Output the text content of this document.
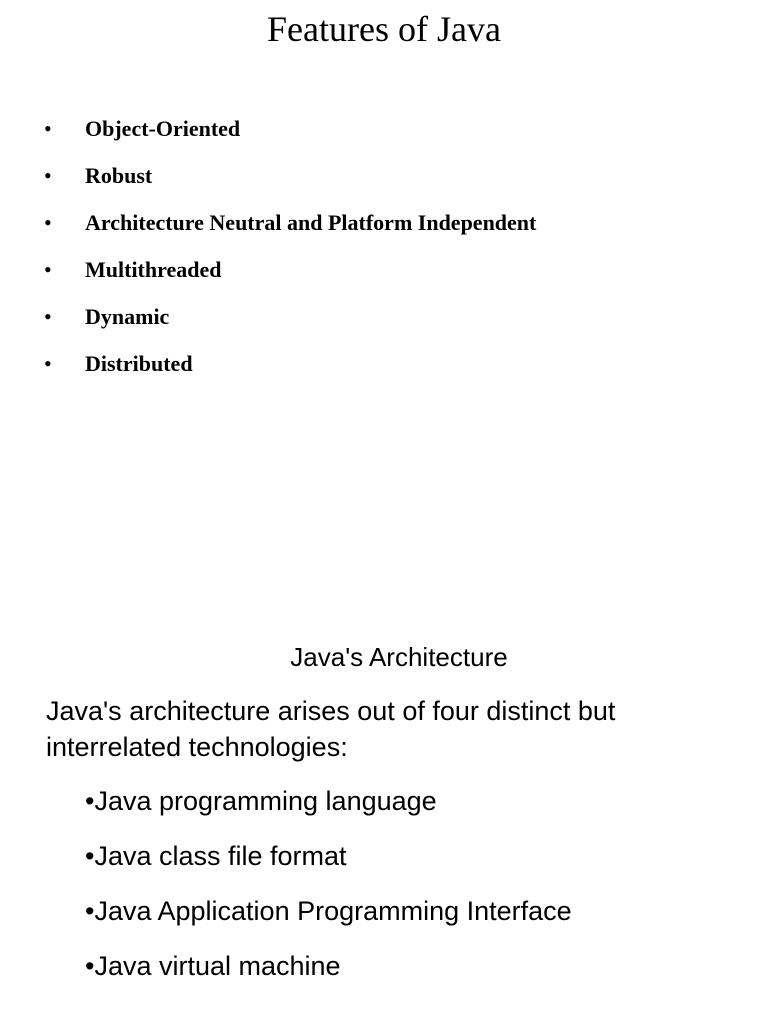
Features of Java
• Object-Oriented
• Robust
• Architecture Neutral and Platform Independent
• Multithreaded
• Dynamic
• Distributed
Java's Architecture

Java's architecture arises out of four distinct but interrelated technologies:

•Java programming language
•Java class file format
•Java Application Programming Interface
•Java virtual machine
